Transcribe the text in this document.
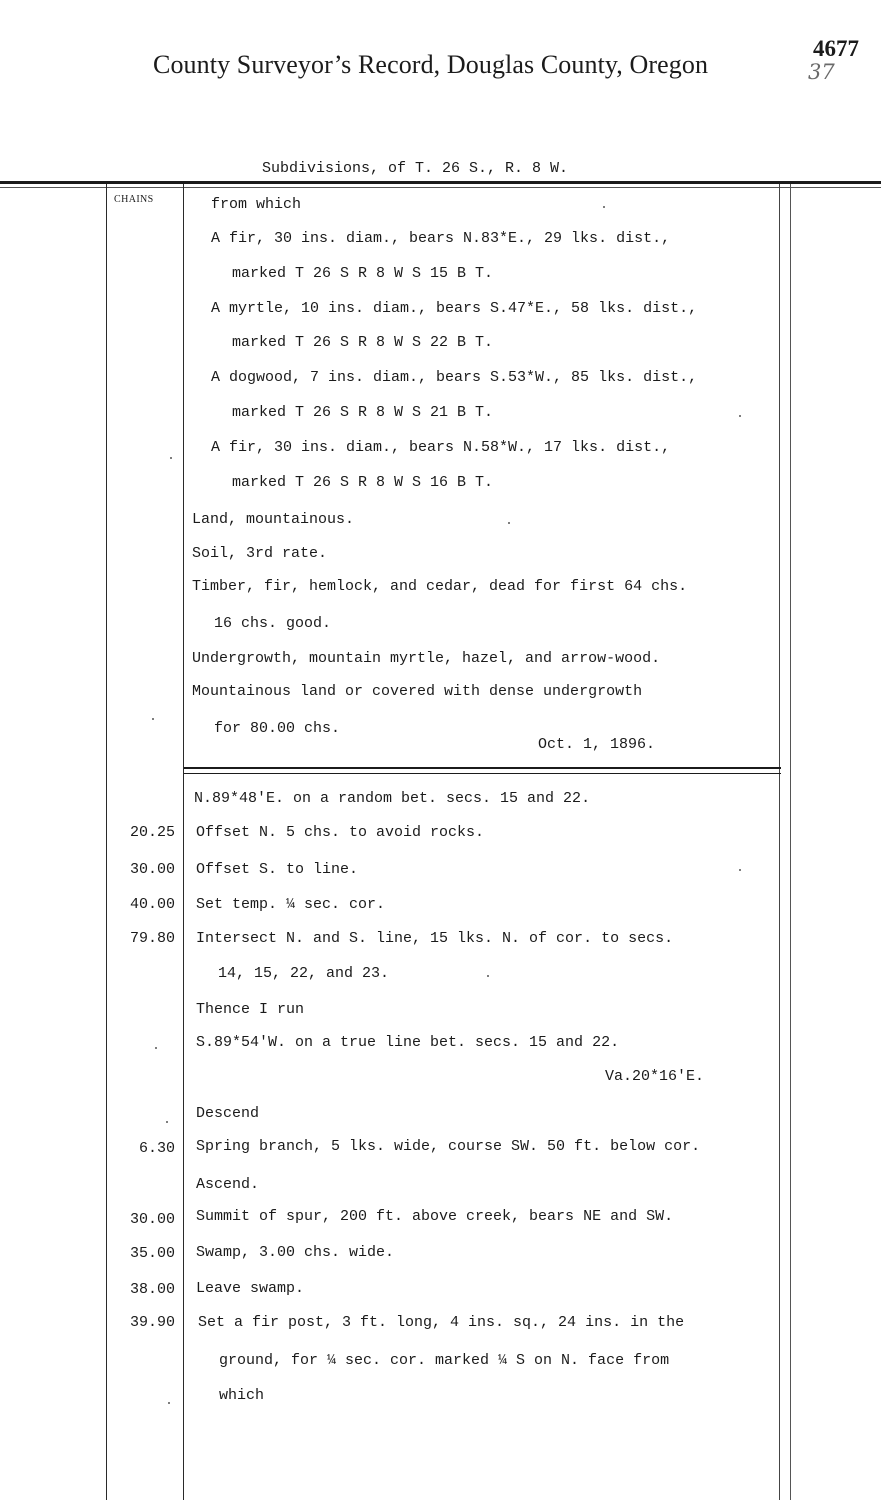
County Surveyor’s Record, Douglas County, Oregon
4677
37
Subdivisions, of T. 26 S., R. 8 W.
CHAINS	from which
A fir, 30 ins. diam., bears N.83*E., 29 lks. dist.,
marked T 26 S R 8 W S 15 B T.
A myrtle, 10 ins. diam., bears S.47*E., 58 lks. dist.,
marked T 26 S R 8 W S 22 B T.
A dogwood, 7 ins. diam., bears S.53*W., 85 lks. dist.,
marked T 26 S R 8 W S 21 B T.
A fir, 30 ins. diam., bears N.58*W., 17 lks. dist.,
marked T 26 S R 8 W S 16 B T.
Land, mountainous.
Soil, 3rd rate.
Timber, fir, hemlock, and cedar, dead for first 64 chs.
16 chs. good.
Undergrowth, mountain myrtle, hazel, and arrow-wood.
Mountainous land or covered with dense undergrowth
for 80.00 chs.
Oct. 1, 1896.
N.89*48'E. on a random bet. secs. 15 and 22.
20.25 Offset N. 5 chs. to avoid rocks.
30.00 Offset S. to line.
40.00 Set temp. ¼ sec. cor.
79.80 Intersect N. and S. line, 15 lks. N. of cor. to secs.
14, 15, 22, and 23.
Thence I run
S.89*54'W. on a true line bet. secs. 15 and 22.
Va.20*16'E.
Descend
6.30 Spring branch, 5 lks. wide, course SW. 50 ft. below cor.
Ascend.
30.00 Summit of spur, 200 ft. above creek, bears NE and SW.
35.00 Swamp, 3.00 chs. wide.
38.00 Leave swamp.
39.90 Set a fir post, 3 ft. long, 4 ins. sq., 24 ins. in the
ground, for ¼ sec. cor. marked ¼ S on N. face from
which
